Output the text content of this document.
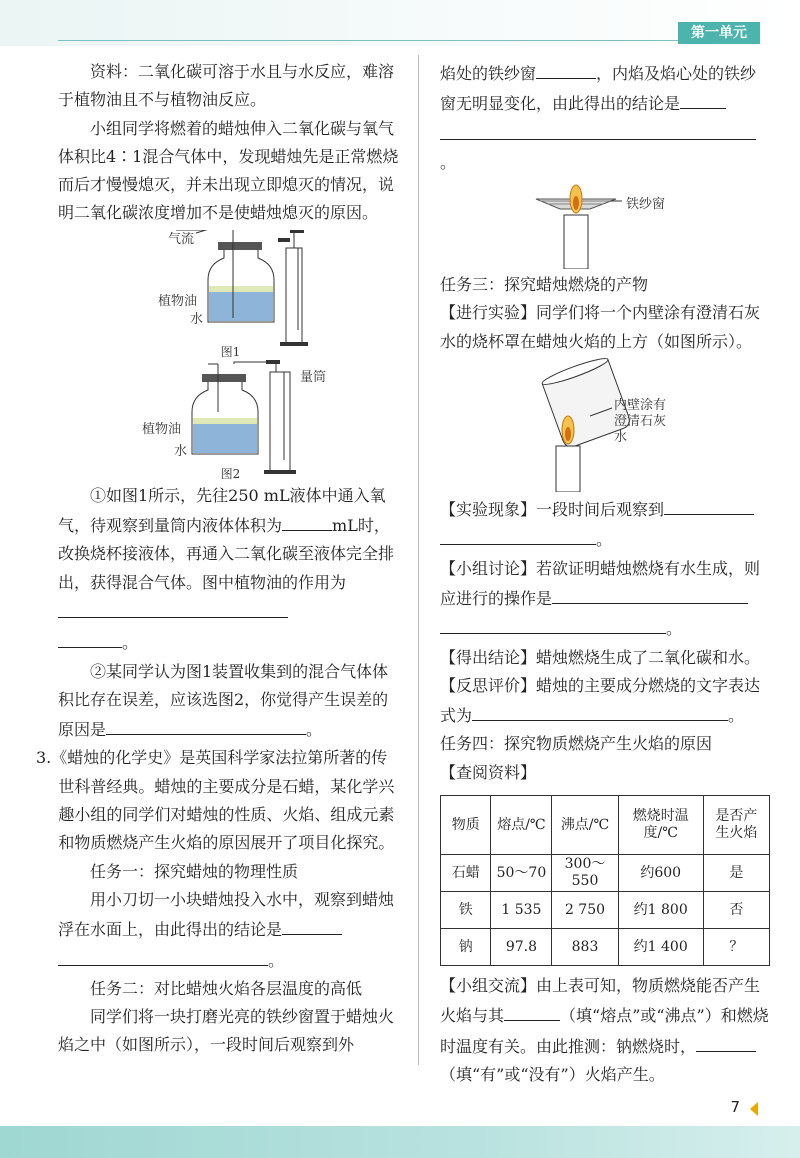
第一单元

资料：二氧化碳可溶于水且与水反应，难溶于植物油且不与植物油反应。

小组同学将燃着的蜡烛伸入二氧化碳与氧气体积比4∶1混合气体中，发现蜡烛先是正常燃烧而后才慢慢熄灭，并未出现立即熄灭的情况，说明二氧化碳浓度增加不是使蜡烛熄灭的原因。

气流
植物油
水
图1
量筒
植物油
水
图2

①如图1所示，先往250 mL液体中通入氧气，待观察到量筒内液体体积为	mL时，改换烧杯接液体，再通入二氧化碳至液体完全排出，获得混合气体。图中植物油的作用为
。

②某同学认为图1装置收集到的混合气体体积比存在误差，应该选图2，你觉得产生误差的原因是	。

3.《蜡烛的化学史》是英国科学家法拉第所著的传世科普经典。蜡烛的主要成分是石蜡，某化学兴趣小组的同学们对蜡烛的性质、火焰、组成元素和物质燃烧产生火焰的原因展开了项目化探究。

任务一：探究蜡烛的物理性质

用小刀切一小块蜡烛投入水中，观察到蜡烛浮在水面上，由此得出的结论是
。

任务二：对比蜡烛火焰各层温度的高低

同学们将一块打磨光亮的铁纱窗置于蜡烛火焰之中（如图所示），一段时间后观察到外

焰处的铁纱窗	，内焰及焰心处的铁纱窗无明显变化，由此得出的结论是
。

铁纱窗

任务三：探究蜡烛燃烧的产物

【进行实验】同学们将一个内壁涂有澄清石灰水的烧杯罩在蜡烛火焰的上方（如图所示）。

内壁涂有澄清石灰水

【实验现象】一段时间后观察到
。

【小组讨论】若欲证明蜡烛燃烧有水生成，则应进行的操作是
。

【得出结论】蜡烛燃烧生成了二氧化碳和水。

【反思评价】蜡烛的主要成分燃烧的文字表达式为	。

任务四：探究物质燃烧产生火焰的原因

【查阅资料】

物质	熔点/℃	沸点/℃	燃烧时温度/℃	是否产生火焰
石蜡	50～70	300～550	约600	是
铁	1 535	2 750	约1 800	否
钠	97.8	883	约1 400	？

【小组交流】由上表可知，物质燃烧能否产生火焰与其	（填“熔点”或“沸点”）和燃烧时温度有关。由此推测：钠燃烧时，（填“有”或“没有”）火焰产生。

7
